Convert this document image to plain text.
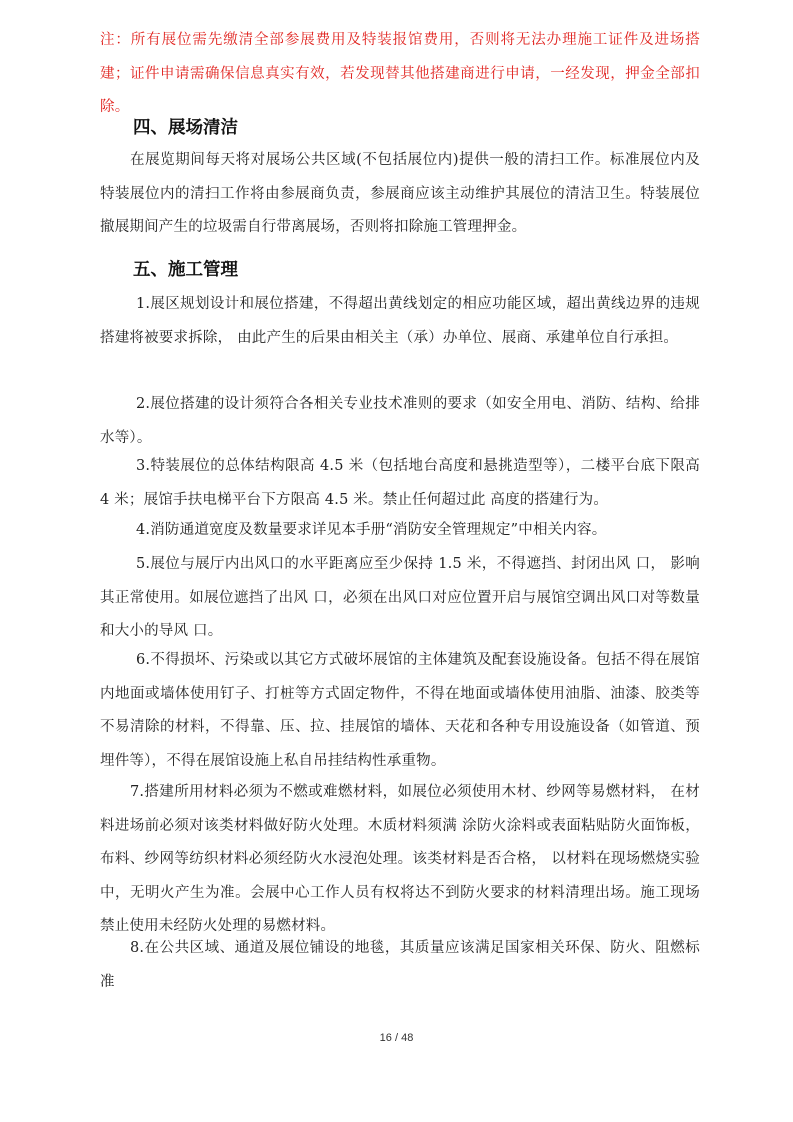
注：所有展位需先缴清全部参展费用及特装报馆费用，否则将无法办理施工证件及进场搭建；证件申请需确保信息真实有效，若发现替其他搭建商进行申请，一经发现，押金全部扣除。
四、展场清洁
在展览期间每天将对展场公共区域(不包括展位内)提供一般的清扫工作。标准展位内及特装展位内的清扫工作将由参展商负责，参展商应该主动维护其展位的清洁卫生。特装展位撤展期间产生的垃圾需自行带离展场，否则将扣除施工管理押金。
五、施工管理
1.展区规划设计和展位搭建，不得超出黄线划定的相应功能区域，超出黄线边界的违规搭建将被要求拆除， 由此产生的后果由相关主（承）办单位、展商、承建单位自行承担。
2.展位搭建的设计须符合各相关专业技术准则的要求（如安全用电、消防、结构、给排水等）。
3.特装展位的总体结构限高 4.5 米（包括地台高度和悬挑造型等），二楼平台底下限高 4 米；展馆手扶电梯平台下方限高 4.5 米。禁止任何超过此 高度的搭建行为。
4.消防通道宽度及数量要求详见本手册“消防安全管理规定”中相关内容。
5.展位与展厅内出风口的水平距离应至少保持 1.5 米，不得遮挡、封闭出风 口， 影响其正常使用。如展位遮挡了出风 口，必须在出风口对应位置开启与展馆空调出风口对等数量和大小的导风 口。
6.不得损坏、污染或以其它方式破坏展馆的主体建筑及配套设施设备。包括不得在展馆内地面或墙体使用钉子、打桩等方式固定物件，不得在地面或墙体使用油脂、油漆、胶类等不易清除的材料，不得靠、压、拉、挂展馆的墙体、天花和各种专用设施设备（如管道、预埋件等），不得在展馆设施上私自吊挂结构性承重物。
7.搭建所用材料必须为不燃或难燃材料，如展位必须使用木材、纱网等易燃材料， 在材料进场前必须对该类材料做好防火处理。木质材料须满 涂防火涂料或表面粘贴防火面饰板，布料、纱网等纺织材料必须经防火水浸泡处理。该类材料是否合格， 以材料在现场燃烧实验中，无明火产生为准。会展中心工作人员有权将达不到防火要求的材料清理出场。施工现场禁止使用未经防火处理的易燃材料。
8.在公共区域、通道及展位铺设的地毯，其质量应该满足国家相关环保、防火、阻燃标准
16 / 48
